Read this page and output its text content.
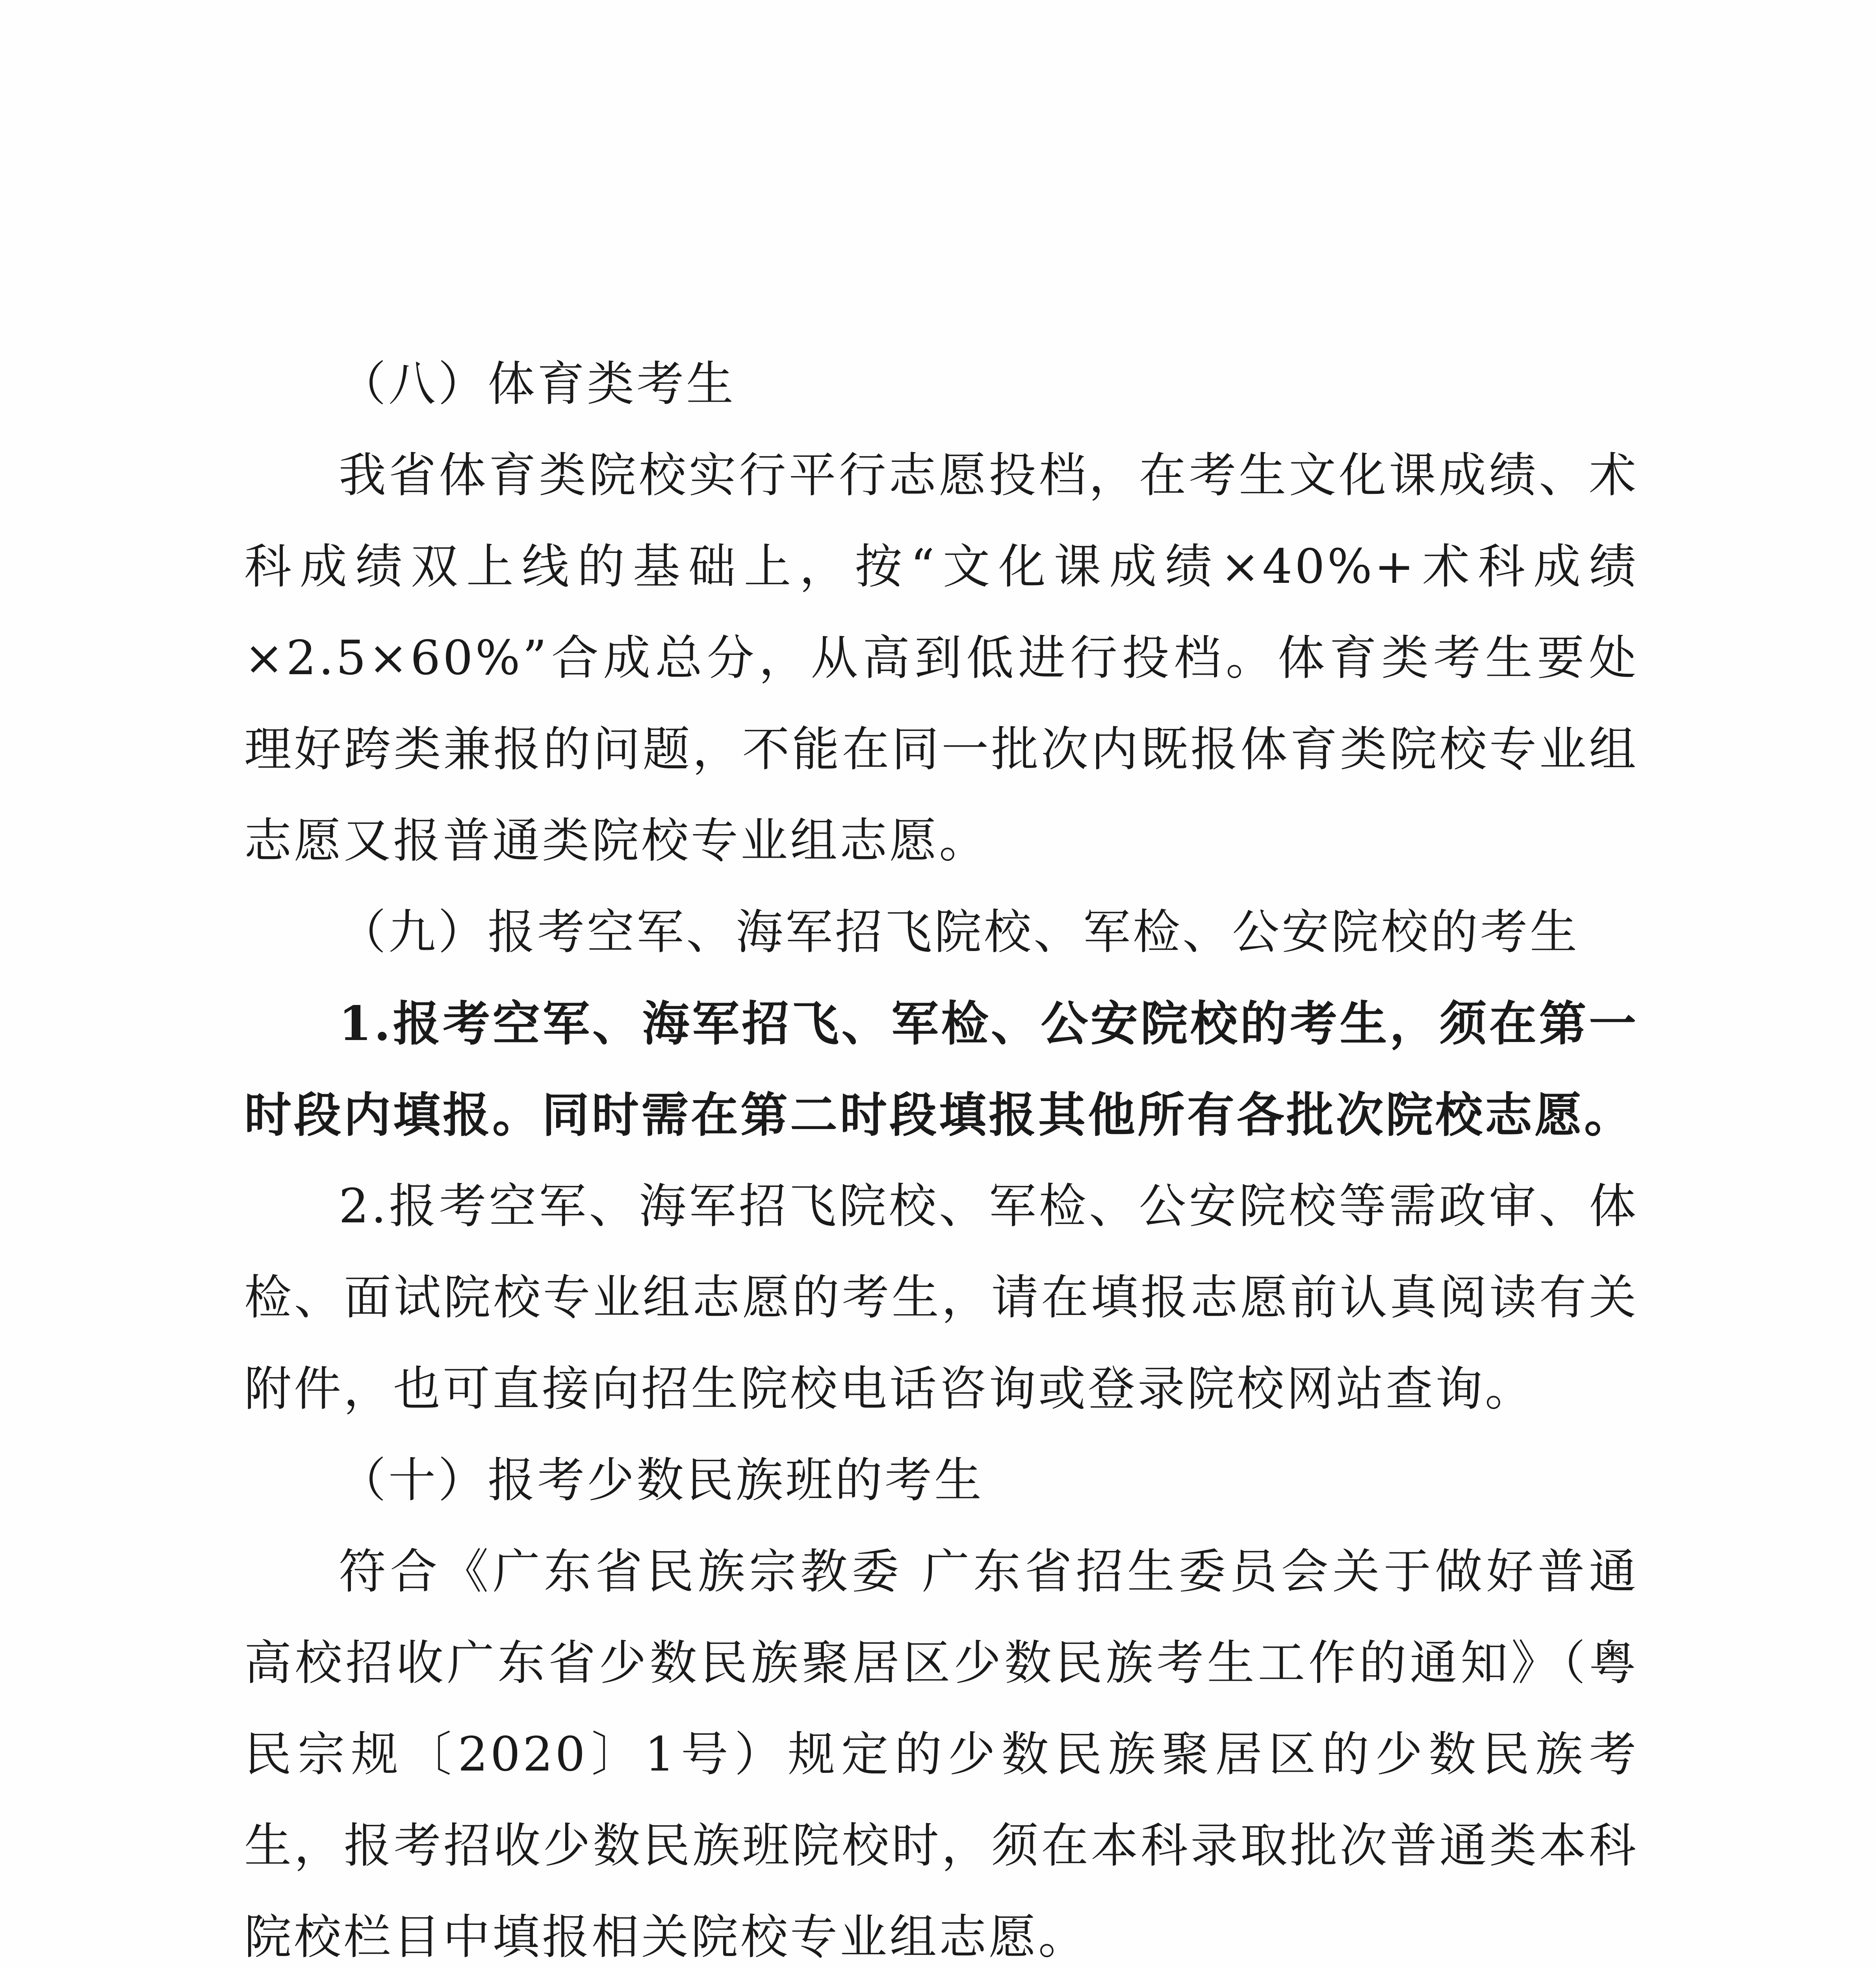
（八）体育类考生

我省体育类院校实行平行志愿投档，在考生文化课成绩、术科成绩双上线的基础上，按“文化课成绩×40%+术科成绩×2.5×60%”合成总分，从高到低进行投档。体育类考生要处理好跨类兼报的问题，不能在同一批次内既报体育类院校专业组志愿又报普通类院校专业组志愿。

（九）报考空军、海军招飞院校、军检、公安院校的考生

1.报考空军、海军招飞、军检、公安院校的考生，须在第一时段内填报。同时需在第二时段填报其他所有各批次院校志愿。

2.报考空军、海军招飞院校、军检、公安院校等需政审、体检、面试院校专业组志愿的考生，请在填报志愿前认真阅读有关附件，也可直接向招生院校电话咨询或登录院校网站查询。

（十）报考少数民族班的考生

符合《广东省民族宗教委 广东省招生委员会关于做好普通高校招收广东省少数民族聚居区少数民族考生工作的通知》（粤民宗规〔2020〕1号）规定的少数民族聚居区的少数民族考生，报考招收少数民族班院校时，须在本科录取批次普通类本科院校栏目中填报相关院校专业组志愿。
